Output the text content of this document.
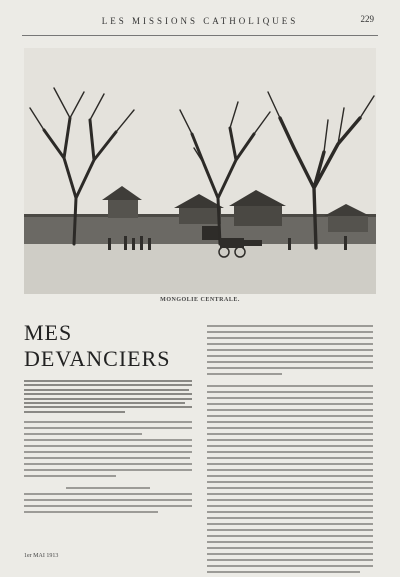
LES MISSIONS CATHOLIQUES	229
MONGOLIE CENTRALE.
MES DEVANCIERS
1er MAI 1913
